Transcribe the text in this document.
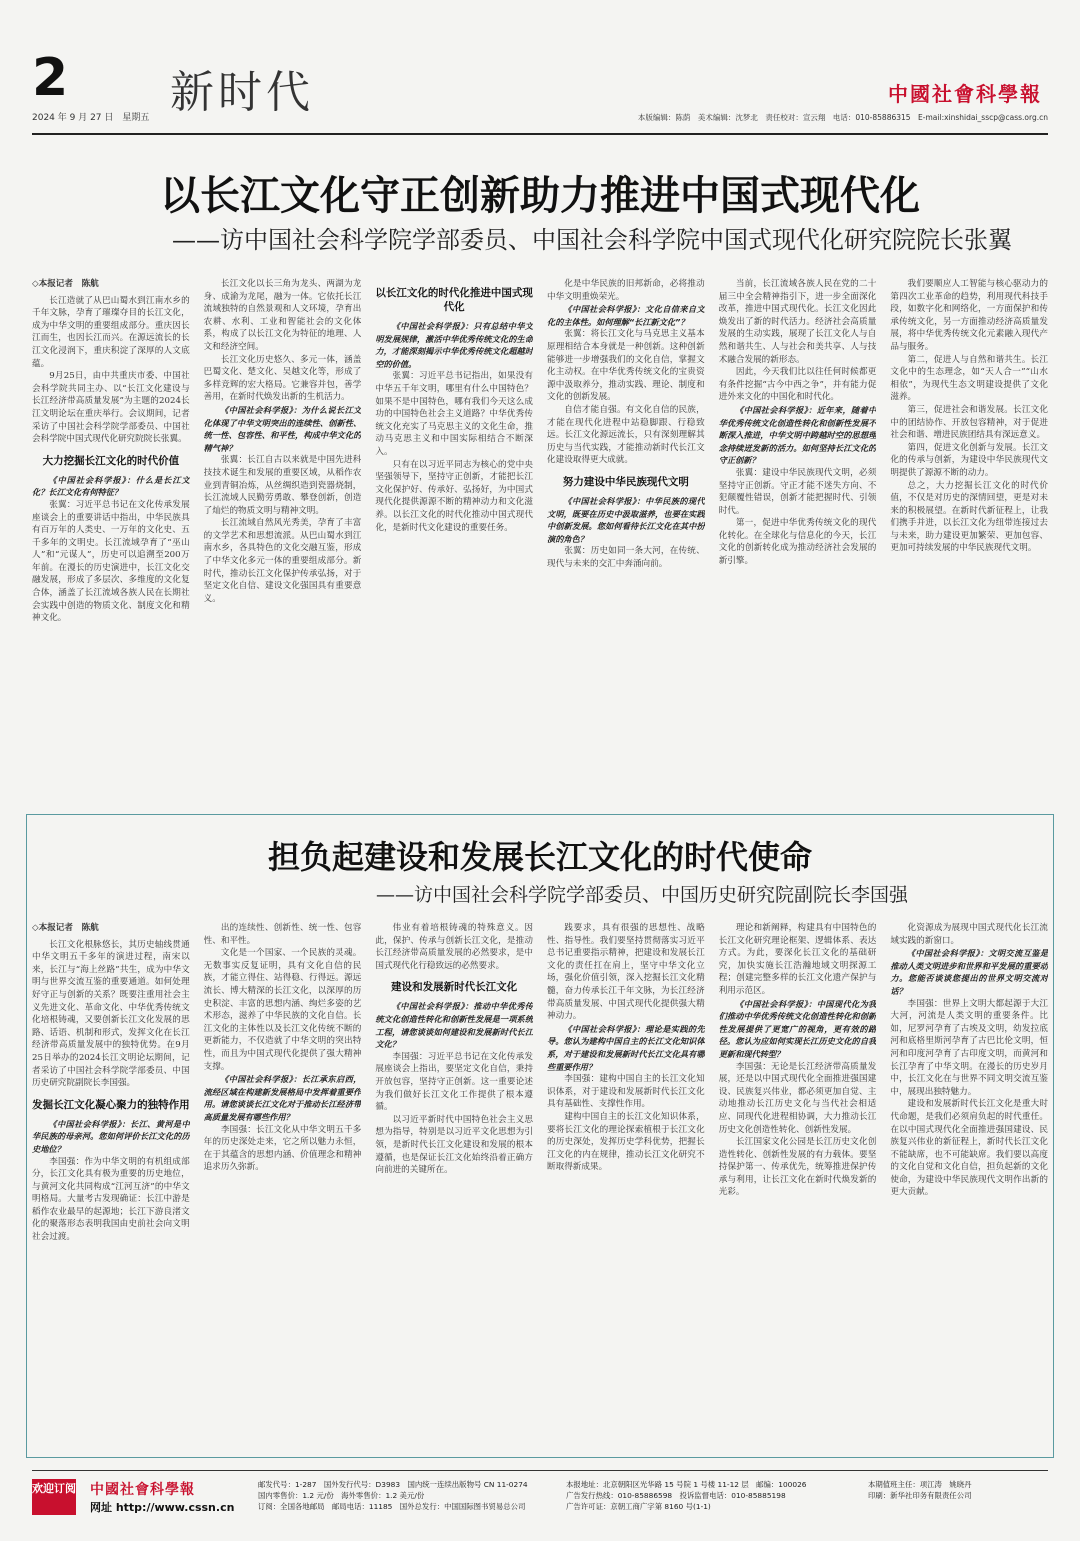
2
2024 年 9 月 27 日　星期五 新时代	中國社會科學報
本版编辑：陈荫　美术编辑：沈梦北　责任校对：宣云翔　电话：010-85886315　E-mail:xinshidai_sscp@cass.org.cn
以长江文化守正创新助力推进中国式现代化
——访中国社会科学院学部委员、中国社会科学院中国式现代化研究院院长张翼

◇本报记者　陈航

长江造就了从巴山蜀水到江南水乡的千年文脉，孕育了璀璨夺目的长江文化，成为中华文明的重要组成部分。重庆因长江而生，也因长江而兴。在源远流长的长江文化浸润下，重庆积淀了深厚的人文底蕴。

9月25日，由中共重庆市委、中国社会科学院共同主办、以“长江文化建设与长江经济带高质量发展”为主题的2024长江文明论坛在重庆举行。会议期间，记者采访了中国社会科学院学部委员、中国社会科学院中国式现代化研究院院长张翼。

大力挖掘长江文化的时代价值

《中国社会科学报》：什么是长江文化？长江文化有何特征？

张翼：习近平总书记在文化传承发展座谈会上的重要讲话中指出，中华民族具有百万年的人类史、一万年的文化史、五千多年的文明史。长江流域孕育了“巫山人”和“元谋人”，历史可以追溯至200万年前。在漫长的历史演进中，长江文化交融发展，形成了多层次、多维度的文化复合体，涵盖了长江流域各族人民在长期社会实践中创造的物质文化、制度文化和精神文化。

长江文化以长三角为龙头、两湖为龙身、成渝为龙尾，融为一体。它依托长江流域独特的自然景观和人文环境，孕育出农耕、水利、工业和智能社会的文化体系，构成了以长江文化为特征的地理、人文和经济空间。

长江文化历史悠久、多元一体，涵盖巴蜀文化、楚文化、吴越文化等，形成了多样竞辉的宏大格局。它兼容并包，善学善用，在新时代焕发出新的生机活力。

《中国社会科学报》：为什么说长江文化体现了中华文明突出的连续性、创新性、统一性、包容性、和平性，构成中华文化的精气神？

张翼：长江自古以来就是中国先进科技技术诞生和发展的重要区域，从稻作农业到青铜冶炼，从丝绸织造到瓷器烧制，长江流域人民勤劳勇敢、攀登创新，创造了灿烂的物质文明与精神文明。

长江流域自然风光秀美，孕育了丰富的文学艺术和思想流派。从巴山蜀水到江南水乡，各具特色的文化交融互鉴，形成了中华文化多元一体的重要组成部分。新时代，推动长江文化保护传承弘扬，对于坚定文化自信、建设文化强国具有重要意义。

以长江文化的时代化推进中国式现代化

《中国社会科学报》：只有总结中华文明发展规律，激活中华优秀传统文化的生命力，才能深刻揭示中华优秀传统文化超越时空的价值。

张翼：习近平总书记指出，如果没有中华五千年文明，哪里有什么中国特色？如果不是中国特色，哪有我们今天这么成功的中国特色社会主义道路？中华优秀传统文化充实了马克思主义的文化生命，推动马克思主义和中国实际相结合不断深入。

只有在以习近平同志为核心的党中央坚强领导下，坚持守正创新，才能把长江文化保护好、传承好、弘扬好，为中国式现代化提供源源不断的精神动力和文化滋养。以长江文化的时代化推动中国式现代化，是新时代文化建设的重要任务。

化是中华民族的旧邦新命，必将推动中华文明重焕荣光。

《中国社会科学报》：文化自信来自文化的主体性。如何理解“长江新文化”？

张翼：将长江文化与马克思主义基本原理相结合本身就是一种创新。这种创新能够进一步增强我们的文化自信，掌握文化主动权。在中华优秀传统文化的宝贵资源中汲取养分，推动实践、理论、制度和文化的创新发展。

自信才能自强。有文化自信的民族，才能在现代化进程中站稳脚跟、行稳致远。长江文化源远流长，只有深刻理解其历史与当代实践，才能推动新时代长江文化建设取得更大成就。

努力建设中华民族现代文明

《中国社会科学报》：中华民族的现代文明，既要在历史中汲取滋养，也要在实践中创新发展。您如何看待长江文化在其中扮演的角色？

张翼：历史如同一条大河，在传统、现代与未来的交汇中奔涌向前。

当前，长江流域各族人民在党的二十届三中全会精神指引下，进一步全面深化改革，推进中国式现代化。长江文化因此焕发出了新的时代活力。经济社会高质量发展的生动实践，展现了长江文化人与自然和谐共生、人与社会和美共享、人与技术融合发展的新形态。

因此，今天我们比以往任何时候都更有条件挖掘“古今中西之争”，并有能力促进外来文化的中国化和时代化。

《中国社会科学报》：近年来，随着中华优秀传统文化创造性转化和创新性发展不断深入推进，中华文明中跨越时空的思想理念持续迸发新的活力。如何坚持长江文化的守正创新？

张翼：建设中华民族现代文明，必须坚持守正创新。守正才能不迷失方向、不犯颠覆性错误，创新才能把握时代、引领时代。

第一，促进中华优秀传统文化的现代化转化。在全球化与信息化的今天，长江文化的创新转化成为推动经济社会发展的新引擎。

我们要顺应人工智能与核心驱动力的第四次工业革命的趋势，利用现代科技手段，如数字化和网络化，一方面保护和传承传统文化，另一方面推动经济高质量发展，将中华优秀传统文化元素融入现代产品与服务。

第二，促进人与自然和谐共生。长江文化中的生态理念，如“天人合一”“山水相依”，为现代生态文明建设提供了文化滋养。

第三，促进社会和谐发展。长江文化中的团结协作、开放包容精神，对于促进社会和谐、增进民族团结具有深远意义。

第四，促进文化创新与发展。长江文化的传承与创新，为建设中华民族现代文明提供了源源不断的动力。

总之，大力挖掘长江文化的时代价值，不仅是对历史的深情回望，更是对未来的积极展望。在新时代新征程上，让我们携手并进，以长江文化为纽带连接过去与未来，助力建设更加繁荣、更加包容、更加可持续发展的中华民族现代文明。

担负起建设和发展长江文化的时代使命
——访中国社会科学院学部委员、中国历史研究院副院长李国强

◇本报记者　陈航

长江文化根脉悠长，其历史轴线贯通中华文明五千多年的演进过程，南宋以来，长江与“海上丝路”共生，成为中华文明与世界交流互鉴的重要通道。如何处理好守正与创新的关系？既要注重用社会主义先进文化、革命文化、中华优秀传统文化培根铸魂，又要创新长江文化发展的思路、话语、机制和形式，发挥文化在长江经济带高质量发展中的独特优势。在9月25日举办的2024长江文明论坛期间，记者采访了中国社会科学院学部委员、中国历史研究院副院长李国强。

发掘长江文化凝心聚力的独特作用

《中国社会科学报》：长江、黄河是中华民族的母亲河。您如何评价长江文化的历史地位？

李国强：作为中华文明的有机组成部分，长江文化具有极为重要的历史地位，与黄河文化共同构成“江河互济”的中华文明格局。大量考古发现确证：长江中游是稻作农业最早的起源地；长江下游良渚文化的聚落形态表明我国由史前社会向文明社会过渡。

出的连续性、创新性、统一性、包容性、和平性。

文化是一个国家、一个民族的灵魂。无数事实反复证明，具有文化自信的民族，才能立得住、站得稳、行得远。源远流长、博大精深的长江文化，以深厚的历史积淀、丰富的思想内涵、绚烂多姿的艺术形态，滋养了中华民族的文化自信。长江文化的主体性以及长江文化传统不断的更新能力，不仅造就了中华文明的突出特性，而且为中国式现代化提供了强大精神支撑。

《中国社会科学报》：长江承东启西，流经区域在构建新发展格局中发挥着重要作用。请您谈谈长江文化对于推动长江经济带高质量发展有哪些作用？

李国强：长江文化从中华文明五千多年的历史深处走来，它之所以魅力永恒，在于其蕴含的思想内涵、价值理念和精神追求历久弥新。

伟业有着培根铸魂的特殊意义。因此，保护、传承与创新长江文化，是推动长江经济带高质量发展的必然要求，是中国式现代化行稳致远的必然要求。

建设和发展新时代长江文化

《中国社会科学报》：推动中华优秀传统文化创造性转化和创新性发展是一项系统工程，请您谈谈如何建设和发展新时代长江文化？

李国强：习近平总书记在文化传承发展座谈会上指出，要坚定文化自信，秉持开放包容，坚持守正创新。这一重要论述为我们做好长江文化工作提供了根本遵循。

以习近平新时代中国特色社会主义思想为指导，特别是以习近平文化思想为引领，是新时代长江文化建设和发展的根本遵循，也是保证长江文化始终沿着正确方向前进的关键所在。

践要求，具有很强的思想性、战略性、指导性。我们要坚持贯彻落实习近平总书记重要指示精神，把建设和发展长江文化的责任扛在肩上，坚守中华文化立场，强化价值引领，深入挖掘长江文化精髓，奋力传承长江千年文脉，为长江经济带高质量发展、中国式现代化提供强大精神动力。

《中国社会科学报》：理论是实践的先导。您认为建构中国自主的长江文化知识体系，对于建设和发展新时代长江文化具有哪些重要作用？

李国强：建构中国自主的长江文化知识体系，对于建设和发展新时代长江文化具有基础性、支撑性作用。

建构中国自主的长江文化知识体系，要将长江文化的理论探索植根于长江文化的历史深处，发挥历史学科优势，把握长江文化的内在规律，推动长江文化研究不断取得新成果。

理论和新阐释，构建具有中国特色的长江文化研究理论框架、逻辑体系、表达方式。为此，要深化长江文化的基础研究，加快实施长江浩瀚地域文明探源工程；创建完整多样的长江文化遗产保护与利用示范区。

《中国社会科学报》：中国现代化为我们推动中华优秀传统文化创造性转化和创新性发展提供了更宽广的视角，更有效的路径。您认为应如何实现长江历史文化的自我更新和现代转型？

李国强：无论是长江经济带高质量发展，还是以中国式现代化全面推进强国建设、民族复兴伟业，都必须更加自觉、主动地推动长江历史文化与当代社会相适应、同现代化进程相协调，大力推动长江历史文化创造性转化、创新性发展。

长江国家文化公园是长江历史文化创造性转化、创新性发展的有力载体。要坚持保护第一、传承优先，统筹推进保护传承与利用，让长江文化在新时代焕发新的光彩。

化资源成为展现中国式现代化长江流域实践的新窗口。

《中国社会科学报》：文明交流互鉴是推动人类文明进步和世界和平发展的重要动力。您能否谈谈您提出的世界文明交流对话？

李国强：世界上文明大都起源于大江大河，河流是人类文明的重要条件。比如，尼罗河孕育了古埃及文明，幼发拉底河和底格里斯河孕育了古巴比伦文明，恒河和印度河孕育了古印度文明，而黄河和长江孕育了中华文明。在漫长的历史岁月中，长江文化在与世界不同文明交流互鉴中，展现出独特魅力。

建设和发展新时代长江文化是重大时代命题，是我们必须肩负起的时代重任。在以中国式现代化全面推进强国建设、民族复兴伟业的新征程上，新时代长江文化不能缺席，也不可能缺席。我们要以高度的文化自觉和文化自信，担负起新的文化使命，为建设中华民族现代文明作出新的更大贡献。

欢迎订阅 中國社會科學報
网址 http://www.cssn.cn
邮发代号：1-287　国外发行代号：D3983　国内统一连续出版物号 CN 11-0274
国内零售价：1.2 元/份　海外零售价：1.2 美元/份
订阅：全国各地邮局　邮局电话：11185　国外总发行：中国国际图书贸易总公司
本报地址：北京朝阳区光华路 15 号院 1 号楼 11-12 层　邮编：100026
广告发行热线：010-85886598　投诉监督电话：010-85885198
广告许可证：京朝工商广字第 8160 号(1-1)
本期值班主任：项江涛　姚晓丹
印刷：新华社印务有限责任公司
